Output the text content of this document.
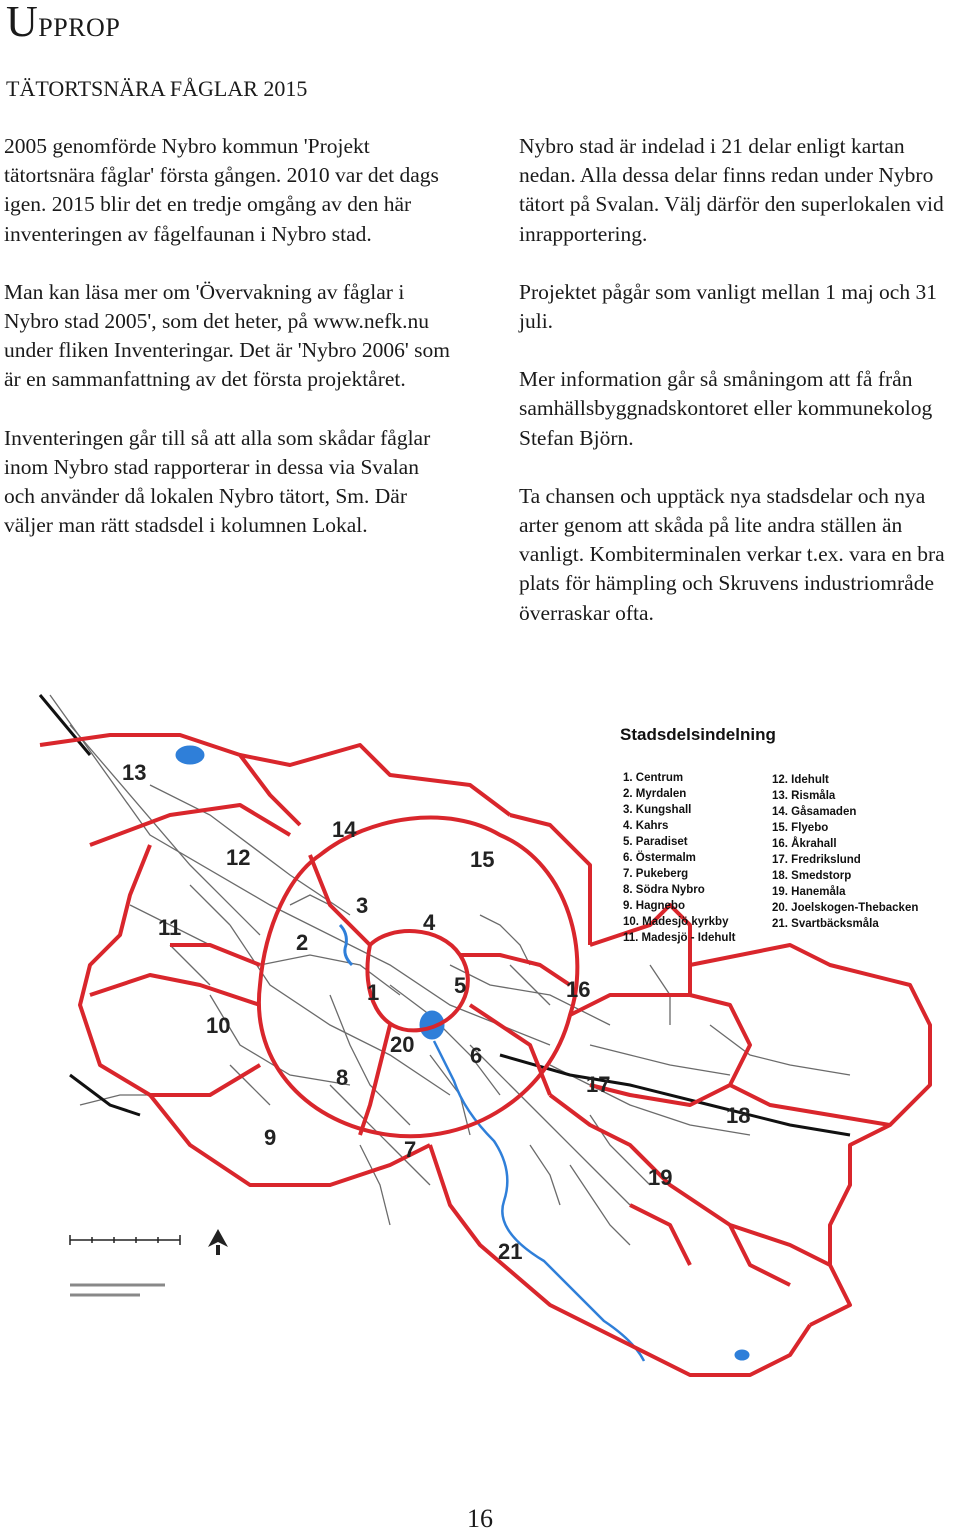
UPPROP
TÄTORTSNÄRA FÅGLAR 2015

2005 genomförde Nybro kommun 'Projekt tätortsnära fåglar' första gången. 2010 var det dags igen. 2015 blir det en tredje omgång av den här inventeringen av fågelfaunan i Nybro stad.

Man kan läsa mer om 'Övervakning av fåglar i Nybro stad 2005', som det heter, på www.nefk.nu under fliken Inventeringar. Det är 'Nybro 2006' som är en sammanfattning av det första projektåret.

Inventeringen går till så att alla som skådar fåglar inom Nybro stad rapporterar in dessa via Svalan och använder då lokalen Nybro tätort, Sm. Där väljer man rätt stadsdel i kolumnen Lokal.

Nybro stad är indelad i 21 delar enligt kartan nedan. Alla dessa delar finns redan under Nybro tätort på Svalan. Välj därför den superlokalen vid inrapportering.

Projektet pågår som vanligt mellan 1 maj och 31 juli.

Mer information går så småningom att få från samhällsbyggnadskontoret eller kommunekolog Stefan Björn.

Ta chansen och upptäck nya stadsdelar och nya arter genom att skåda på lite andra ställen än vanligt. Kombiterminalen verkar t.ex. vara en bra plats för hämpling och Skruvens industriområde överraskar ofta.

13
14
12	15
3
11
2
4
1	5	16
10
20	6
17
8
18
9	7
19
21
Stadsdelsindelning
1. Centrum
2. Myrdalen
3. Kungshall
4. Kahrs
5. Paradiset
6. Östermalm
7. Pukeberg
8. Södra Nybro
9. Hagnebo
10. Madesjö kyrkby
11. Madesjö - Idehult
12. Idehult
13. Rismåla
14. Gåsamaden
15. Flyebo
16. Åkrahall
17. Fredrikslund
18. Smedstorp
19. Hanemåla
20. Joelskogen-Thebacken
21. Svartbäcksmåla
16
